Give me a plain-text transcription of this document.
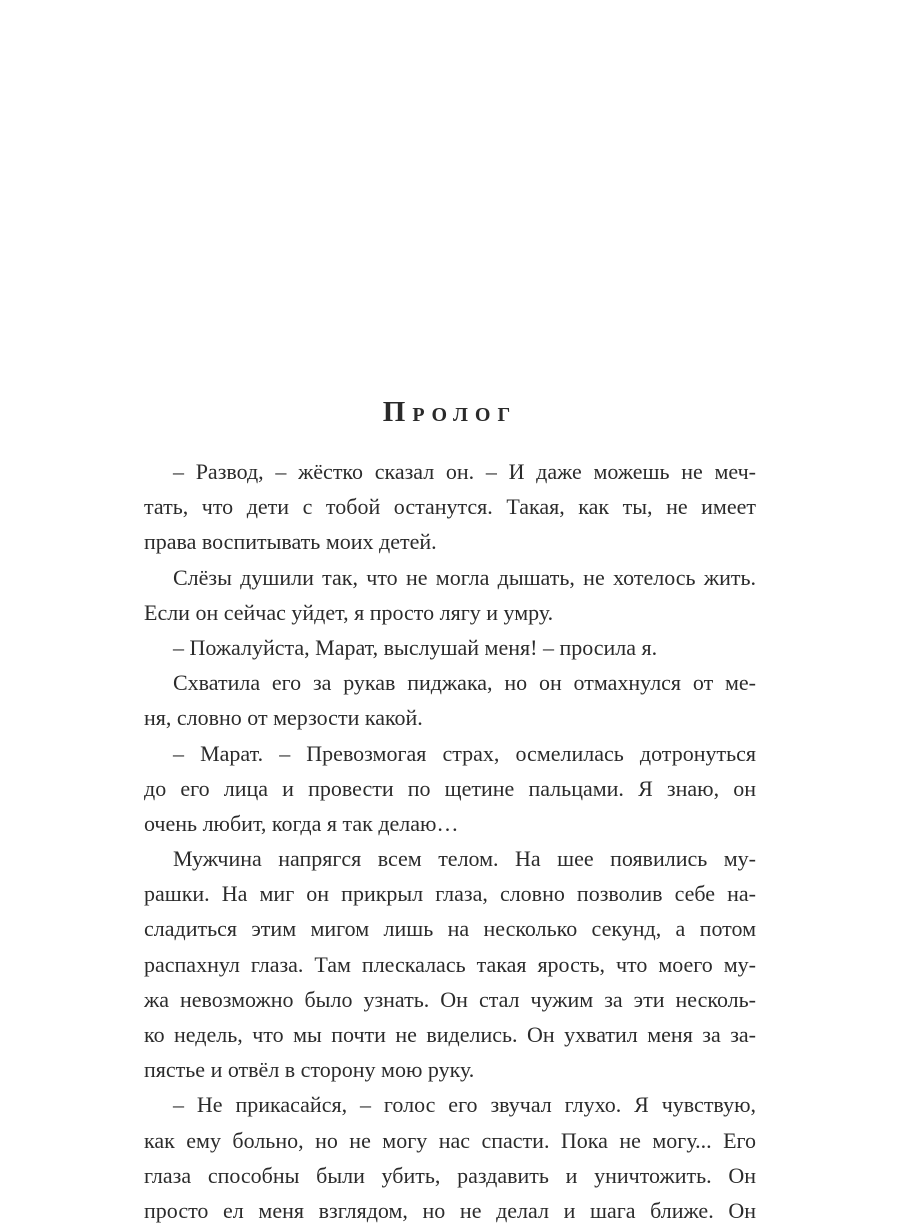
Пролог
– Развод, – жёстко сказал он. – И даже можешь не меч-
тать, что дети с тобой останутся. Такая, как ты, не имеет
права воспитывать моих детей.
Слёзы душили так, что не могла дышать, не хотелось жить.
Если он сейчас уйдет, я просто лягу и умру.
– Пожалуйста, Марат, выслушай меня! – просила я.
Схватила его за рукав пиджака, но он отмахнулся от ме-
ня, словно от мерзости какой.
– Марат. – Превозмогая страх, осмелилась дотронуться
до его лица и провести по щетине пальцами. Я знаю, он
очень любит, когда я так делаю…
Мужчина напрягся всем телом. На шее появились му-
рашки. На миг он прикрыл глаза, словно позволив себе на-
сладиться этим мигом лишь на несколько секунд, а потом
распахнул глаза. Там плескалась такая ярость, что моего му-
жа невозможно было узнать. Он стал чужим за эти несколь-
ко недель, что мы почти не виделись. Он ухватил меня за за-
пястье и отвёл в сторону мою руку.
– Не прикасайся, – голос его звучал глухо. Я чувствую,
как ему больно, но не могу нас спасти. Пока не могу... Его
глаза способны были убить, раздавить и уничтожить. Он
просто ел меня взглядом, но не делал и шага ближе. Он
